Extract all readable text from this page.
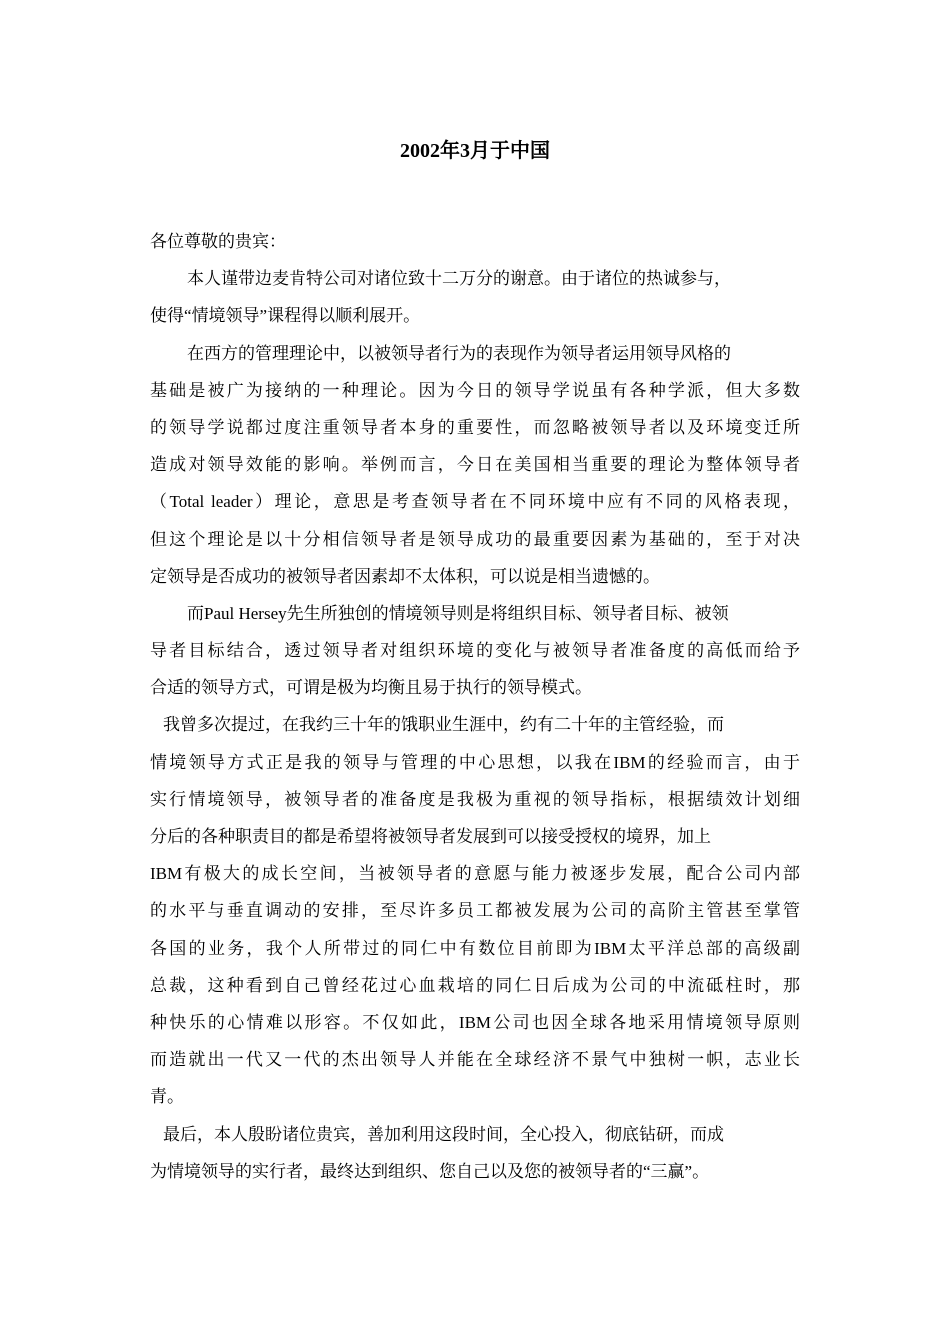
2002年3月于中国
各位尊敬的贵宾：
本人谨带边麦肯特公司对诸位致十二万分的谢意。由于诸位的热诚参与，
使得“情境领导”课程得以顺利展开。
在西方的管理理论中，以被领导者行为的表现作为领导者运用领导风格的
基础是被广为接纳的一种理论。因为今日的领导学说虽有各种学派，但大多数
的领导学说都过度注重领导者本身的重要性，而忽略被领导者以及环境变迁所
造成对领导效能的影响。举例而言，今日在美国相当重要的理论为整体领导者
（Total leader）理论，意思是考查领导者在不同环境中应有不同的风格表现，
但这个理论是以十分相信领导者是领导成功的最重要因素为基础的，至于对决
定领导是否成功的被领导者因素却不太体积，可以说是相当遗憾的。
而Paul Hersey先生所独创的情境领导则是将组织目标、领导者目标、被领
导者目标结合，透过领导者对组织环境的变化与被领导者准备度的高低而给予
合适的领导方式，可谓是极为均衡且易于执行的领导模式。
我曾多次提过，在我约三十年的饿职业生涯中，约有二十年的主管经验，而
情境领导方式正是我的领导与管理的中心思想，以我在IBM的经验而言，由于
实行情境领导，被领导者的准备度是我极为重视的领导指标，根据绩效计划细
分后的各种职责目的都是希望将被领导者发展到可以接受授权的境界，加上
IBM有极大的成长空间，当被领导者的意愿与能力被逐步发展，配合公司内部
的水平与垂直调动的安排，至尽许多员工都被发展为公司的高阶主管甚至掌管
各国的业务，我个人所带过的同仁中有数位目前即为IBM太平洋总部的高级副
总裁，这种看到自己曾经花过心血栽培的同仁日后成为公司的中流砥柱时，那
种快乐的心情难以形容。不仅如此，IBM公司也因全球各地采用情境领导原则
而造就出一代又一代的杰出领导人并能在全球经济不景气中独树一帜，志业长
青。
最后，本人殷盼诸位贵宾，善加利用这段时间，全心投入，彻底钻研，而成
为情境领导的实行者，最终达到组织、您自己以及您的被领导者的“三赢”。
